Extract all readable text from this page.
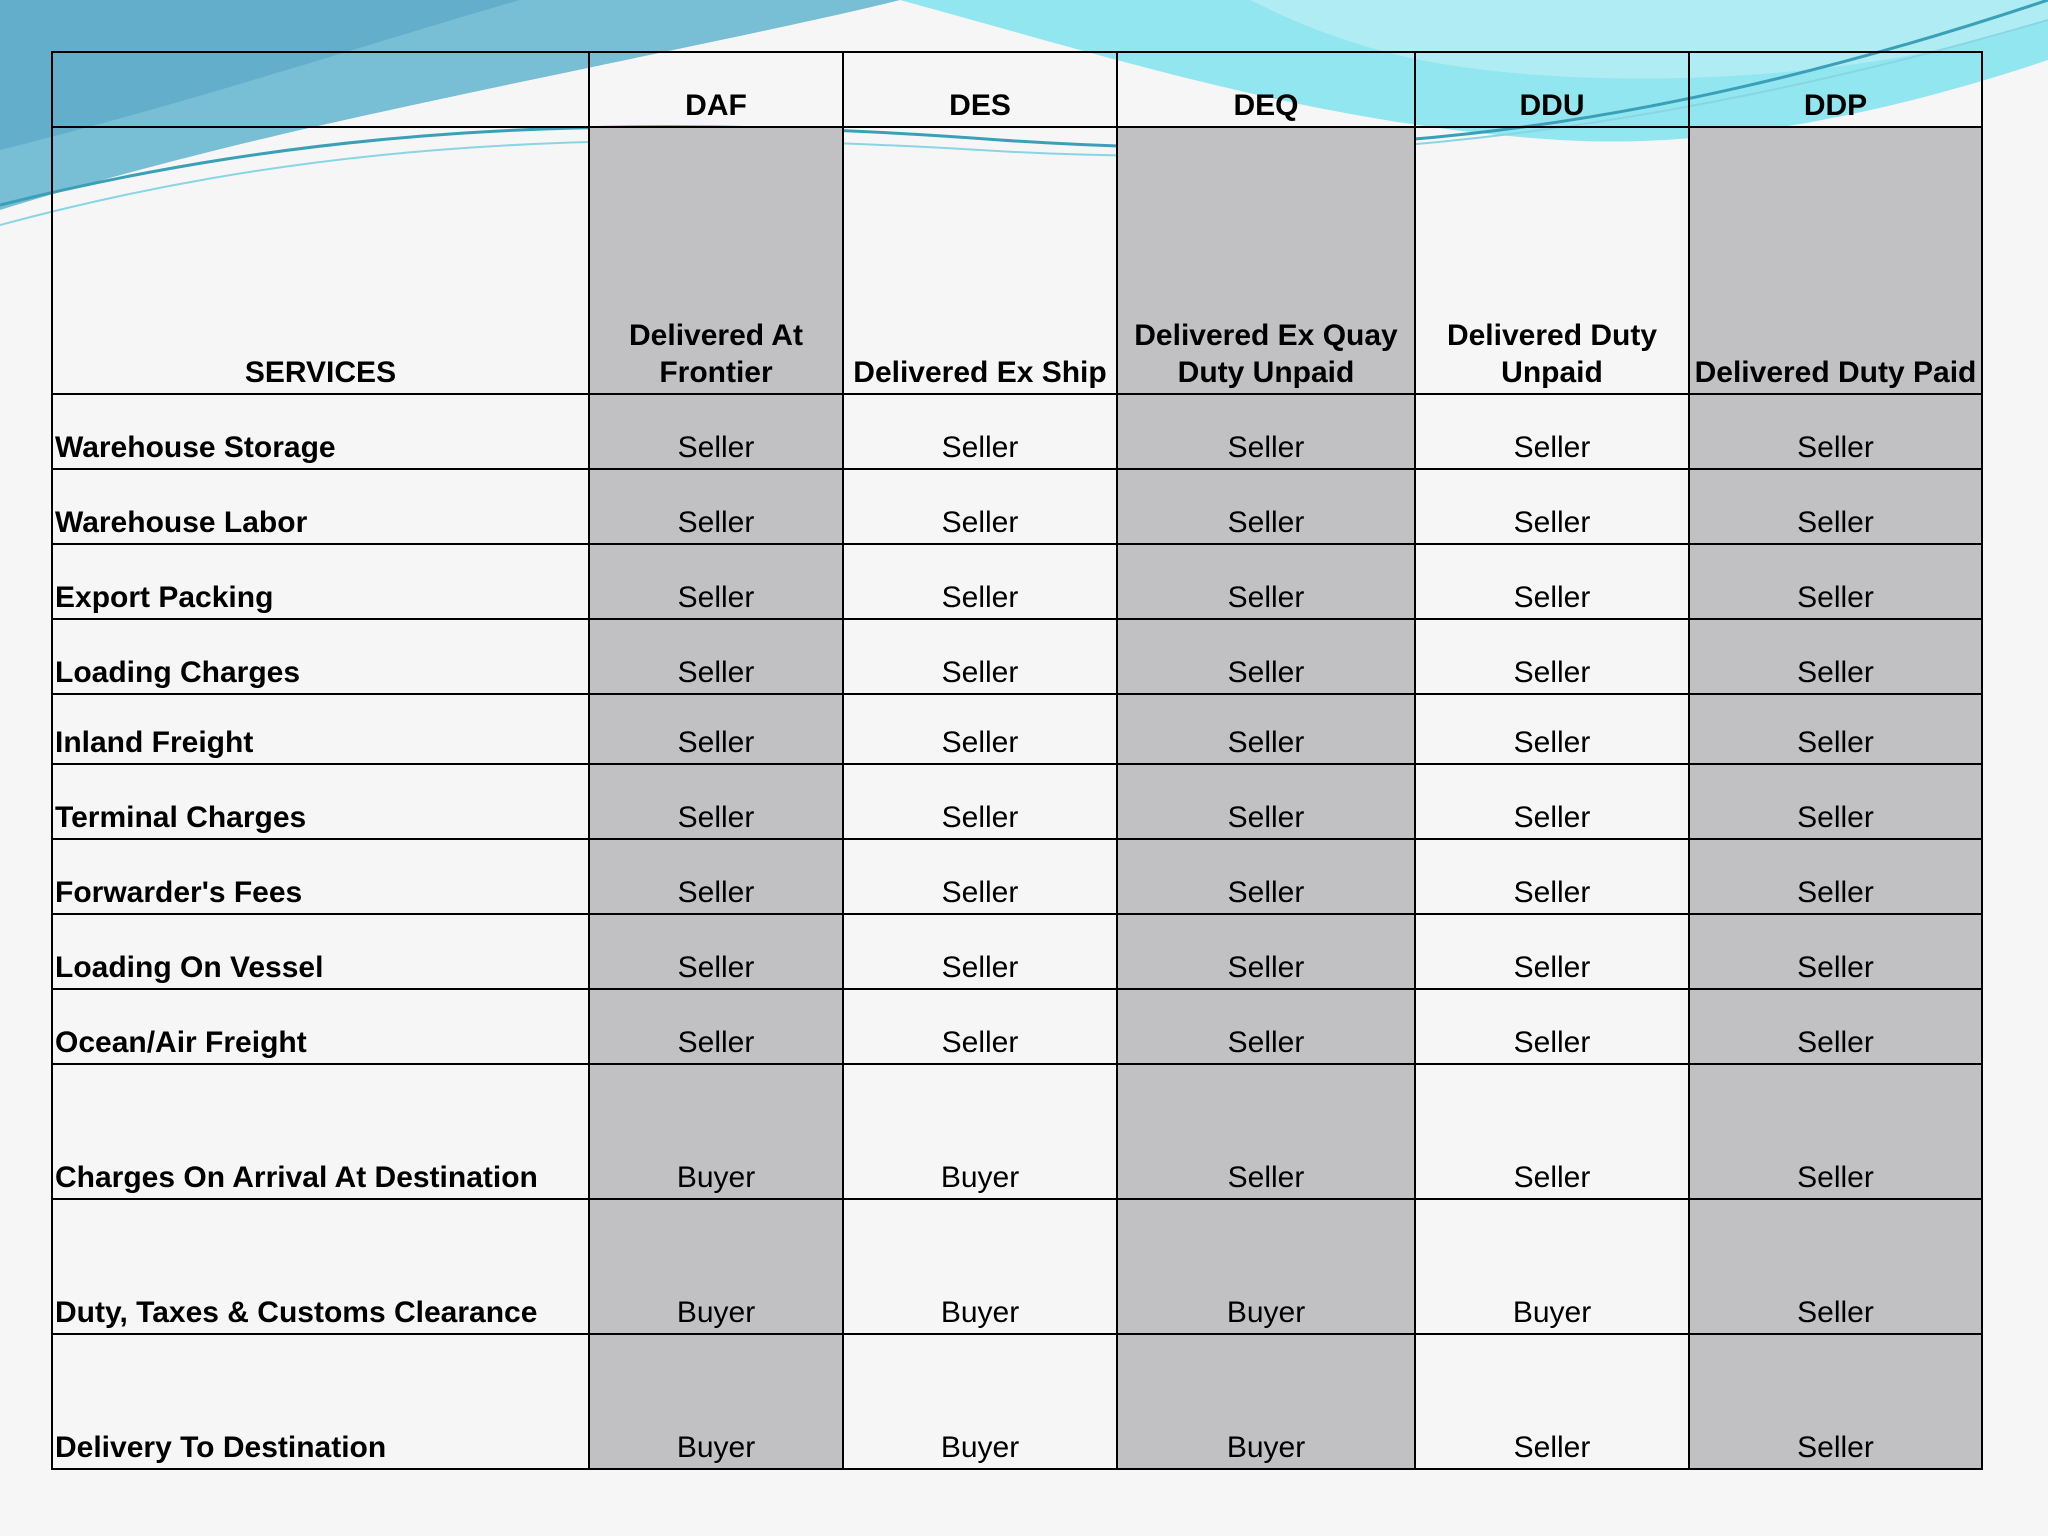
	DAF	DES	DEQ	DDU	DDP
SERVICES	Delivered At Frontier	Delivered Ex Ship	Delivered Ex Quay Duty Unpaid	Delivered Duty Unpaid	Delivered Duty Paid
Warehouse Storage	Seller	Seller	Seller	Seller	Seller
Warehouse Labor	Seller	Seller	Seller	Seller	Seller
Export Packing	Seller	Seller	Seller	Seller	Seller
Loading Charges	Seller	Seller	Seller	Seller	Seller
Inland Freight	Seller	Seller	Seller	Seller	Seller
Terminal Charges	Seller	Seller	Seller	Seller	Seller
Forwarder's Fees	Seller	Seller	Seller	Seller	Seller
Loading On Vessel	Seller	Seller	Seller	Seller	Seller
Ocean/Air Freight	Seller	Seller	Seller	Seller	Seller
Charges On Arrival At Destination	Buyer	Buyer	Seller	Seller	Seller
Duty, Taxes & Customs Clearance	Buyer	Buyer	Buyer	Buyer	Seller
Delivery To Destination	Buyer	Buyer	Buyer	Seller	Seller
